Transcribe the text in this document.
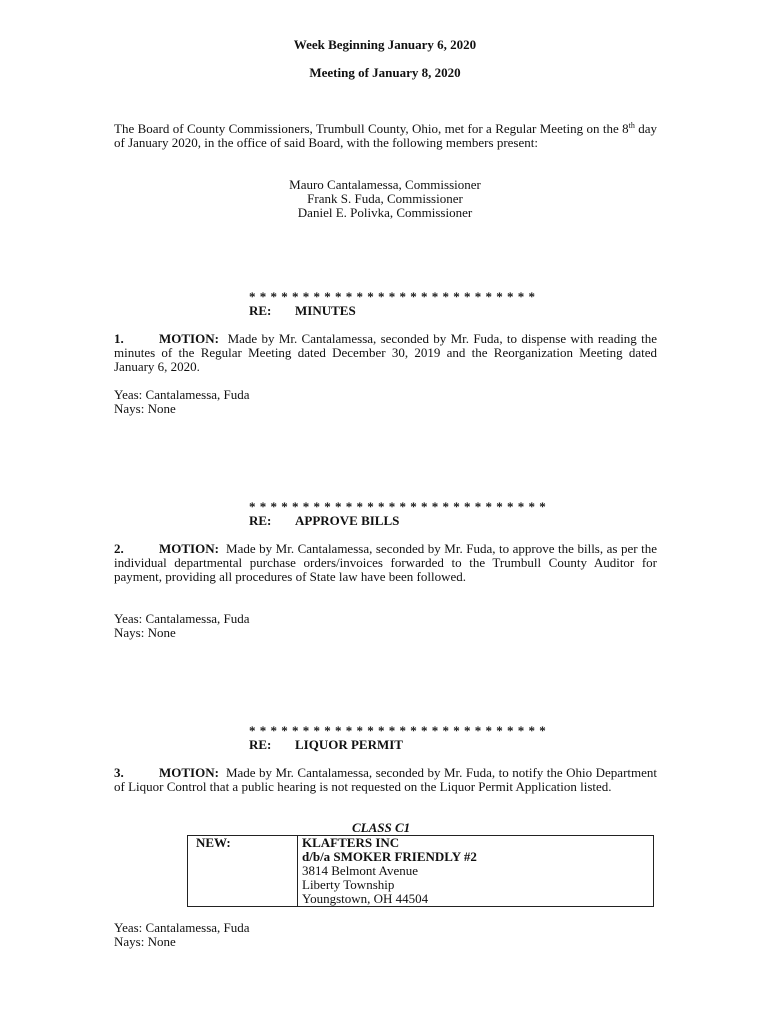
Week Beginning January 6, 2020
Meeting of January 8, 2020
The Board of County Commissioners, Trumbull County, Ohio, met for a Regular Meeting on the 8th day of January 2020, in the office of said Board, with the following members present:
Mauro Cantalamessa, Commissioner
Frank S. Fuda, Commissioner
Daniel E. Polivka, Commissioner
* * * * * * * * * * * * * * * * * * * * * * * * * * *
RE: MINUTES
1.	MOTION: Made by Mr. Cantalamessa, seconded by Mr. Fuda, to dispense with reading the minutes of the Regular Meeting dated December 30, 2019 and the Reorganization Meeting dated January 6, 2020.
Yeas: Cantalamessa, Fuda
Nays: None
* * * * * * * * * * * * * * * * * * * * * * * * * * * *
RE: APPROVE BILLS
2.	MOTION: Made by Mr. Cantalamessa, seconded by Mr. Fuda, to approve the bills, as per the individual departmental purchase orders/invoices forwarded to the Trumbull County Auditor for payment, providing all procedures of State law have been followed.
Yeas: Cantalamessa, Fuda
Nays: None
* * * * * * * * * * * * * * * * * * * * * * * * * * * *
RE: LIQUOR PERMIT
3.	MOTION: Made by Mr. Cantalamessa, seconded by Mr. Fuda, to notify the Ohio Department of Liquor Control that a public hearing is not requested on the Liquor Permit Application listed.
CLASS C1
NEW:	KLAFTERS INC
d/b/a SMOKER FRIENDLY #2
3814 Belmont Avenue
Liberty Township
Youngstown, OH 44504
Yeas: Cantalamessa, Fuda
Nays: None
